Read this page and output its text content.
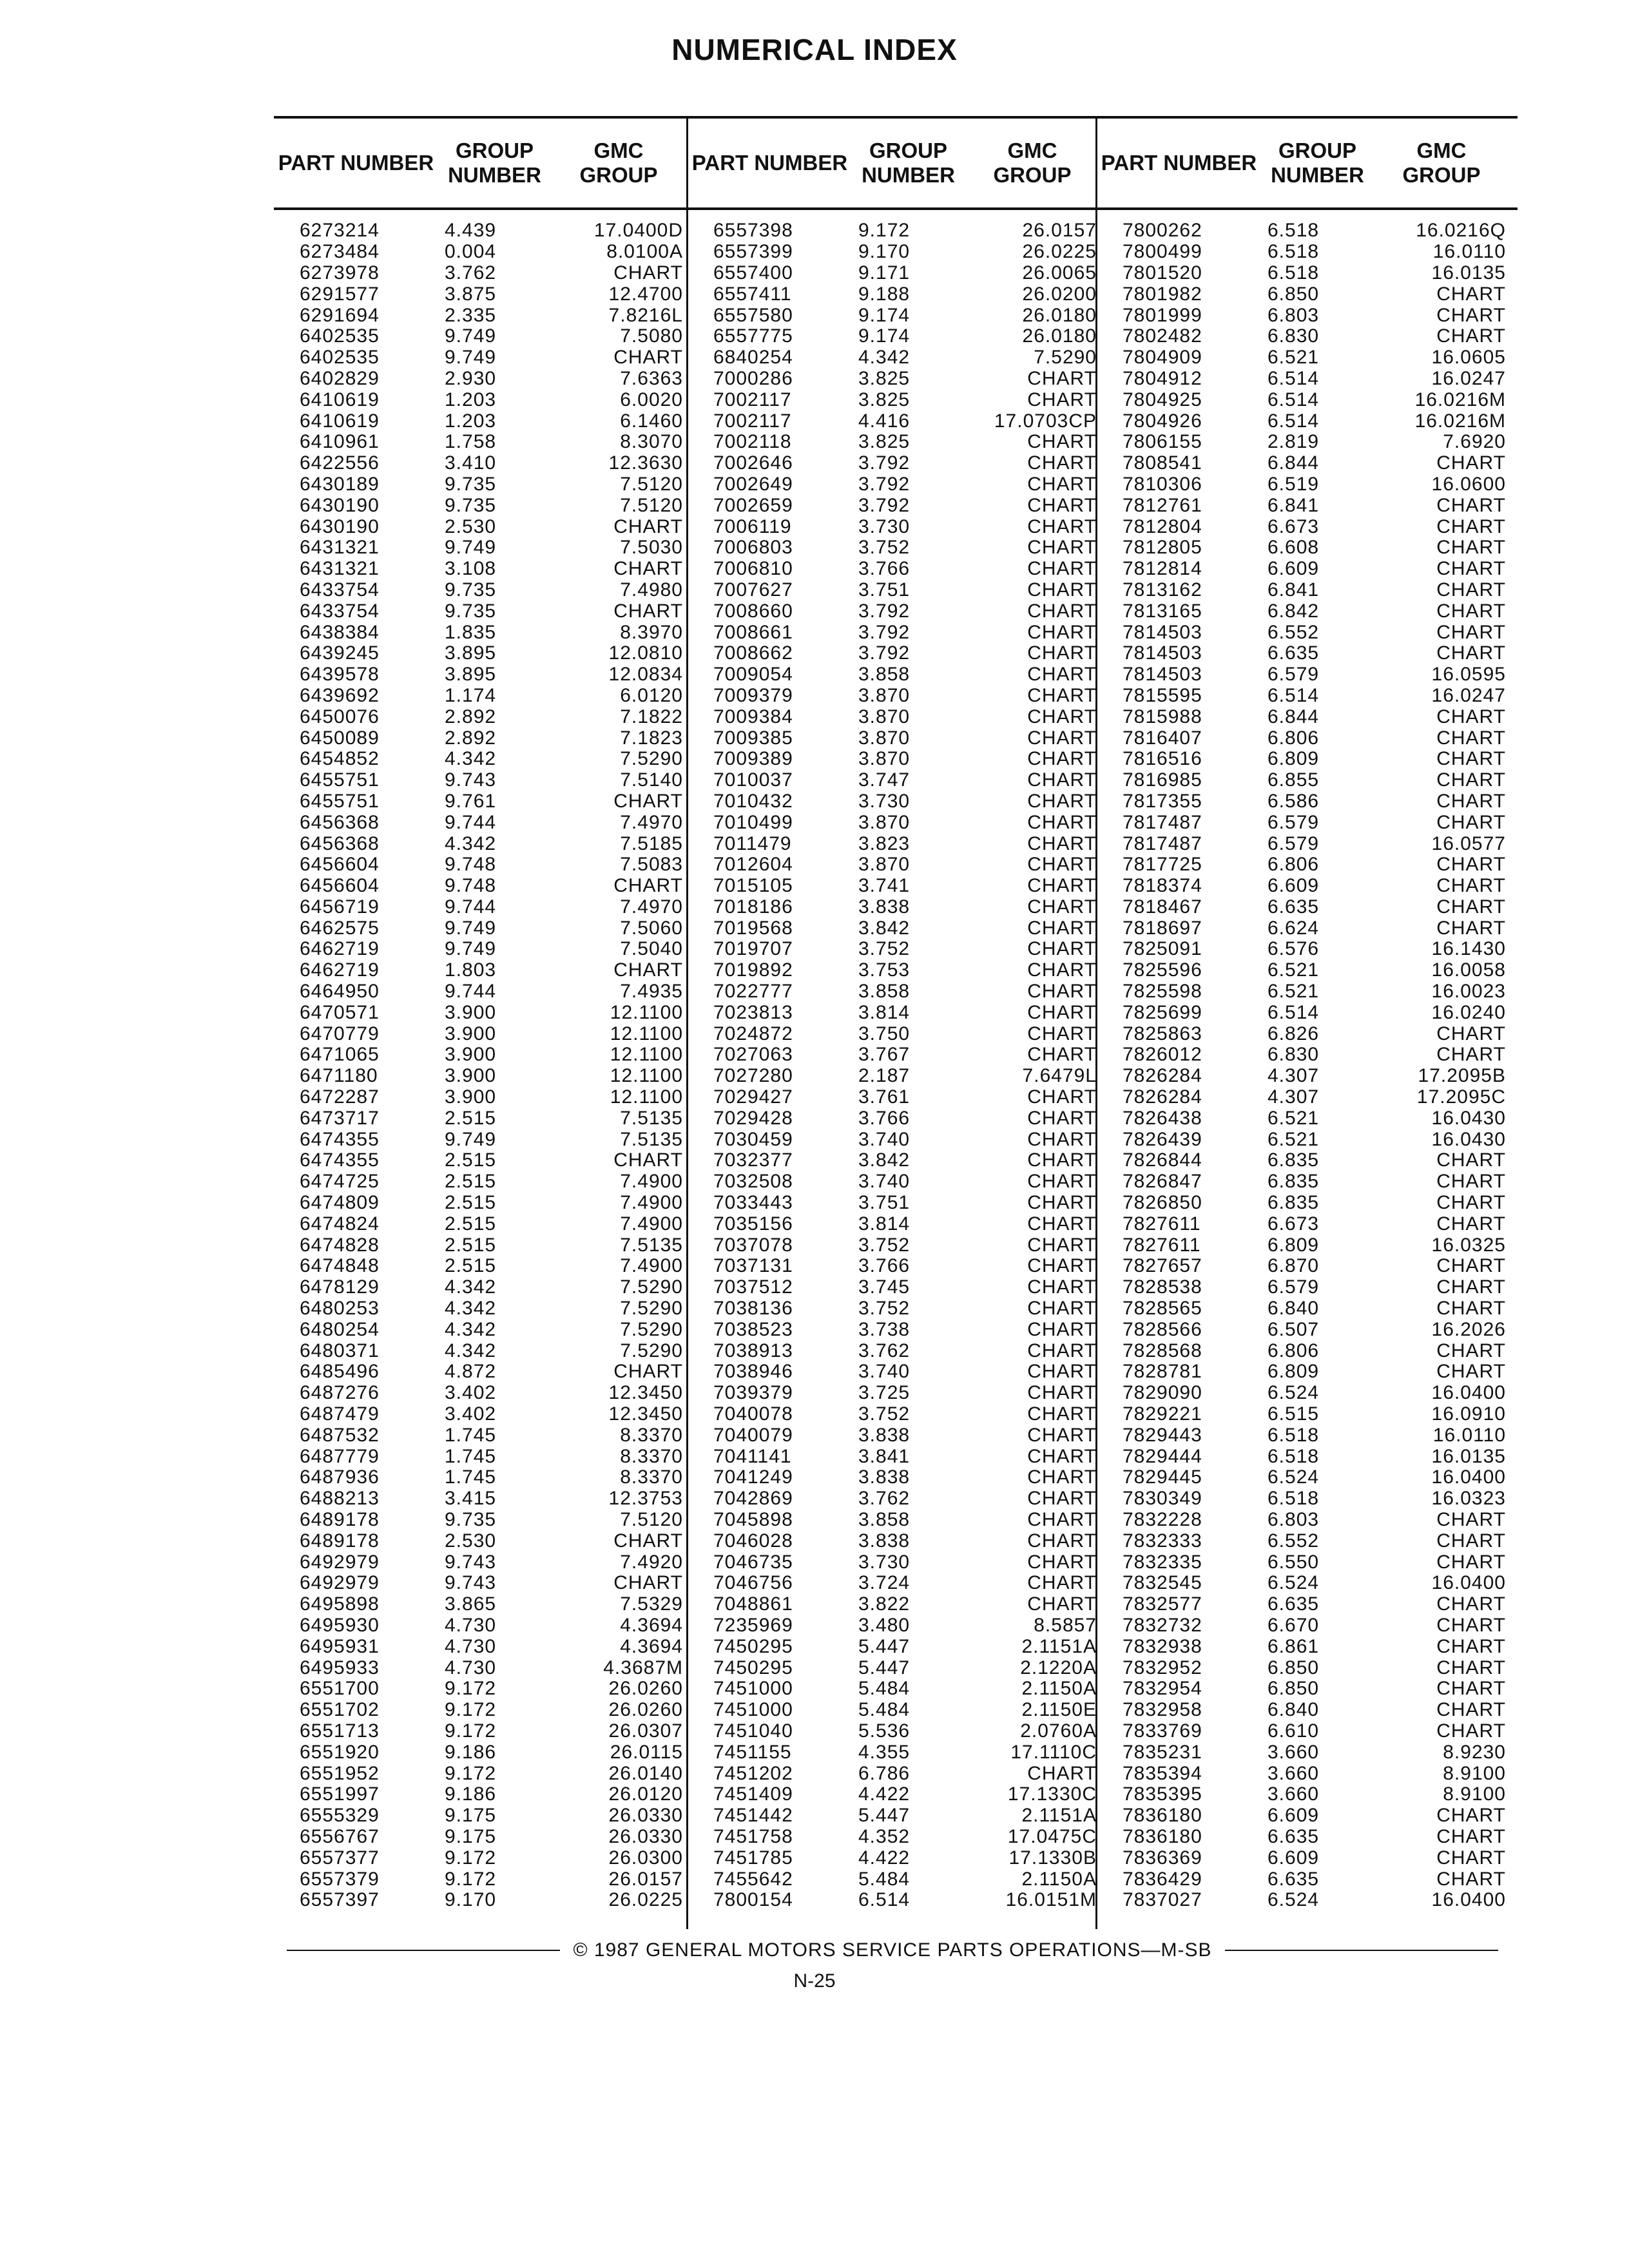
NUMERICAL INDEX
PART NUMBER
GROUP NUMBER
GMC GROUP
6273214	4.439	17.0400D
6273484	0.004	8.0100A
6273978	3.762	CHART
6291577	3.875	12.4700
6291694	2.335	7.8216L
6402535	9.749	7.5080
6402535	9.749	CHART
6402829	2.930	7.6363
6410619	1.203	6.0020
6410619	1.203	6.1460
6410961	1.758	8.3070
6422556	3.410	12.3630
6430189	9.735	7.5120
6430190	9.735	7.5120
6430190	2.530	CHART
6431321	9.749	7.5030
6431321	3.108	CHART
6433754	9.735	7.4980
6433754	9.735	CHART
6438384	1.835	8.3970
6439245	3.895	12.0810
6439578	3.895	12.0834
6439692	1.174	6.0120
6450076	2.892	7.1822
6450089	2.892	7.1823
6454852	4.342	7.5290
6455751	9.743	7.5140
6455751	9.761	CHART
6456368	9.744	7.4970
6456368	4.342	7.5185
6456604	9.748	7.5083
6456604	9.748	CHART
6456719	9.744	7.4970
6462575	9.749	7.5060
6462719	9.749	7.5040
6462719	1.803	CHART
6464950	9.744	7.4935
6470571	3.900	12.1100
6470779	3.900	12.1100
6471065	3.900	12.1100
6471180	3.900	12.1100
6472287	3.900	12.1100
6473717	2.515	7.5135
6474355	9.749	7.5135
6474355	2.515	CHART
6474725	2.515	7.4900
6474809	2.515	7.4900
6474824	2.515	7.4900
6474828	2.515	7.5135
6474848	2.515	7.4900
6478129	4.342	7.5290
6480253	4.342	7.5290
6480254	4.342	7.5290
6480371	4.342	7.5290
6485496	4.872	CHART
6487276	3.402	12.3450
6487479	3.402	12.3450
6487532	1.745	8.3370
6487779	1.745	8.3370
6487936	1.745	8.3370
6488213	3.415	12.3753
6489178	9.735	7.5120
6489178	2.530	CHART
6492979	9.743	7.4920
6492979	9.743	CHART
6495898	3.865	7.5329
6495930	4.730	4.3694
6495931	4.730	4.3694
6495933	4.730	4.3687M
6551700	9.172	26.0260
6551702	9.172	26.0260
6551713	9.172	26.0307
6551920	9.186	26.0115
6551952	9.172	26.0140
6551997	9.186	26.0120
6555329	9.175	26.0330
6556767	9.175	26.0330
6557377	9.172	26.0300
6557379	9.172	26.0157
6557397	9.170	26.0225
PART NUMBER
GROUP NUMBER
GMC GROUP
6557398	9.172	26.0157
6557399	9.170	26.0225
6557400	9.171	26.0065
6557411	9.188	26.0200
6557580	9.174	26.0180
6557775	9.174	26.0180
6840254	4.342	7.5290
7000286	3.825	CHART
7002117	3.825	CHART
7002117	4.416	17.0703CP
7002118	3.825	CHART
7002646	3.792	CHART
7002649	3.792	CHART
7002659	3.792	CHART
7006119	3.730	CHART
7006803	3.752	CHART
7006810	3.766	CHART
7007627	3.751	CHART
7008660	3.792	CHART
7008661	3.792	CHART
7008662	3.792	CHART
7009054	3.858	CHART
7009379	3.870	CHART
7009384	3.870	CHART
7009385	3.870	CHART
7009389	3.870	CHART
7010037	3.747	CHART
7010432	3.730	CHART
7010499	3.870	CHART
7011479	3.823	CHART
7012604	3.870	CHART
7015105	3.741	CHART
7018186	3.838	CHART
7019568	3.842	CHART
7019707	3.752	CHART
7019892	3.753	CHART
7022777	3.858	CHART
7023813	3.814	CHART
7024872	3.750	CHART
7027063	3.767	CHART
7027280	2.187	7.6479L
7029427	3.761	CHART
7029428	3.766	CHART
7030459	3.740	CHART
7032377	3.842	CHART
7032508	3.740	CHART
7033443	3.751	CHART
7035156	3.814	CHART
7037078	3.752	CHART
7037131	3.766	CHART
7037512	3.745	CHART
7038136	3.752	CHART
7038523	3.738	CHART
7038913	3.762	CHART
7038946	3.740	CHART
7039379	3.725	CHART
7040078	3.752	CHART
7040079	3.838	CHART
7041141	3.841	CHART
7041249	3.838	CHART
7042869	3.762	CHART
7045898	3.858	CHART
7046028	3.838	CHART
7046735	3.730	CHART
7046756	3.724	CHART
7048861	3.822	CHART
7235969	3.480	8.5857
7450295	5.447	2.1151A
7450295	5.447	2.1220A
7451000	5.484	2.1150A
7451000	5.484	2.1150E
7451040	5.536	2.0760A
7451155	4.355	17.1110C
7451202	6.786	CHART
7451409	4.422	17.1330C
7451442	5.447	2.1151A
7451758	4.352	17.0475C
7451785	4.422	17.1330B
7455642	5.484	2.1150A
7800154	6.514	16.0151M
PART NUMBER
GROUP NUMBER
GMC GROUP
7800262	6.518	16.0216Q
7800499	6.518	16.0110
7801520	6.518	16.0135
7801982	6.850	CHART
7801999	6.803	CHART
7802482	6.830	CHART
7804909	6.521	16.0605
7804912	6.514	16.0247
7804925	6.514	16.0216M
7804926	6.514	16.0216M
7806155	2.819	7.6920
7808541	6.844	CHART
7810306	6.519	16.0600
7812761	6.841	CHART
7812804	6.673	CHART
7812805	6.608	CHART
7812814	6.609	CHART
7813162	6.841	CHART
7813165	6.842	CHART
7814503	6.552	CHART
7814503	6.635	CHART
7814503	6.579	16.0595
7815595	6.514	16.0247
7815988	6.844	CHART
7816407	6.806	CHART
7816516	6.809	CHART
7816985	6.855	CHART
7817355	6.586	CHART
7817487	6.579	CHART
7817487	6.579	16.0577
7817725	6.806	CHART
7818374	6.609	CHART
7818467	6.635	CHART
7818697	6.624	CHART
7825091	6.576	16.1430
7825596	6.521	16.0058
7825598	6.521	16.0023
7825699	6.514	16.0240
7825863	6.826	CHART
7826012	6.830	CHART
7826284	4.307	17.2095B
7826284	4.307	17.2095C
7826438	6.521	16.0430
7826439	6.521	16.0430
7826844	6.835	CHART
7826847	6.835	CHART
7826850	6.835	CHART
7827611	6.673	CHART
7827611	6.809	16.0325
7827657	6.870	CHART
7828538	6.579	CHART
7828565	6.840	CHART
7828566	6.507	16.2026
7828568	6.806	CHART
7828781	6.809	CHART
7829090	6.524	16.0400
7829221	6.515	16.0910
7829443	6.518	16.0110
7829444	6.518	16.0135
7829445	6.524	16.0400
7830349	6.518	16.0323
7832228	6.803	CHART
7832333	6.552	CHART
7832335	6.550	CHART
7832545	6.524	16.0400
7832577	6.635	CHART
7832732	6.670	CHART
7832938	6.861	CHART
7832952	6.850	CHART
7832954	6.850	CHART
7832958	6.840	CHART
7833769	6.610	CHART
7835231	3.660	8.9230
7835394	3.660	8.9100
7835395	3.660	8.9100
7836180	6.609	CHART
7836180	6.635	CHART
7836369	6.609	CHART
7836429	6.635	CHART
7837027	6.524	16.0400
© 1987 GENERAL MOTORS SERVICE PARTS OPERATIONS—M-SB
N-25
